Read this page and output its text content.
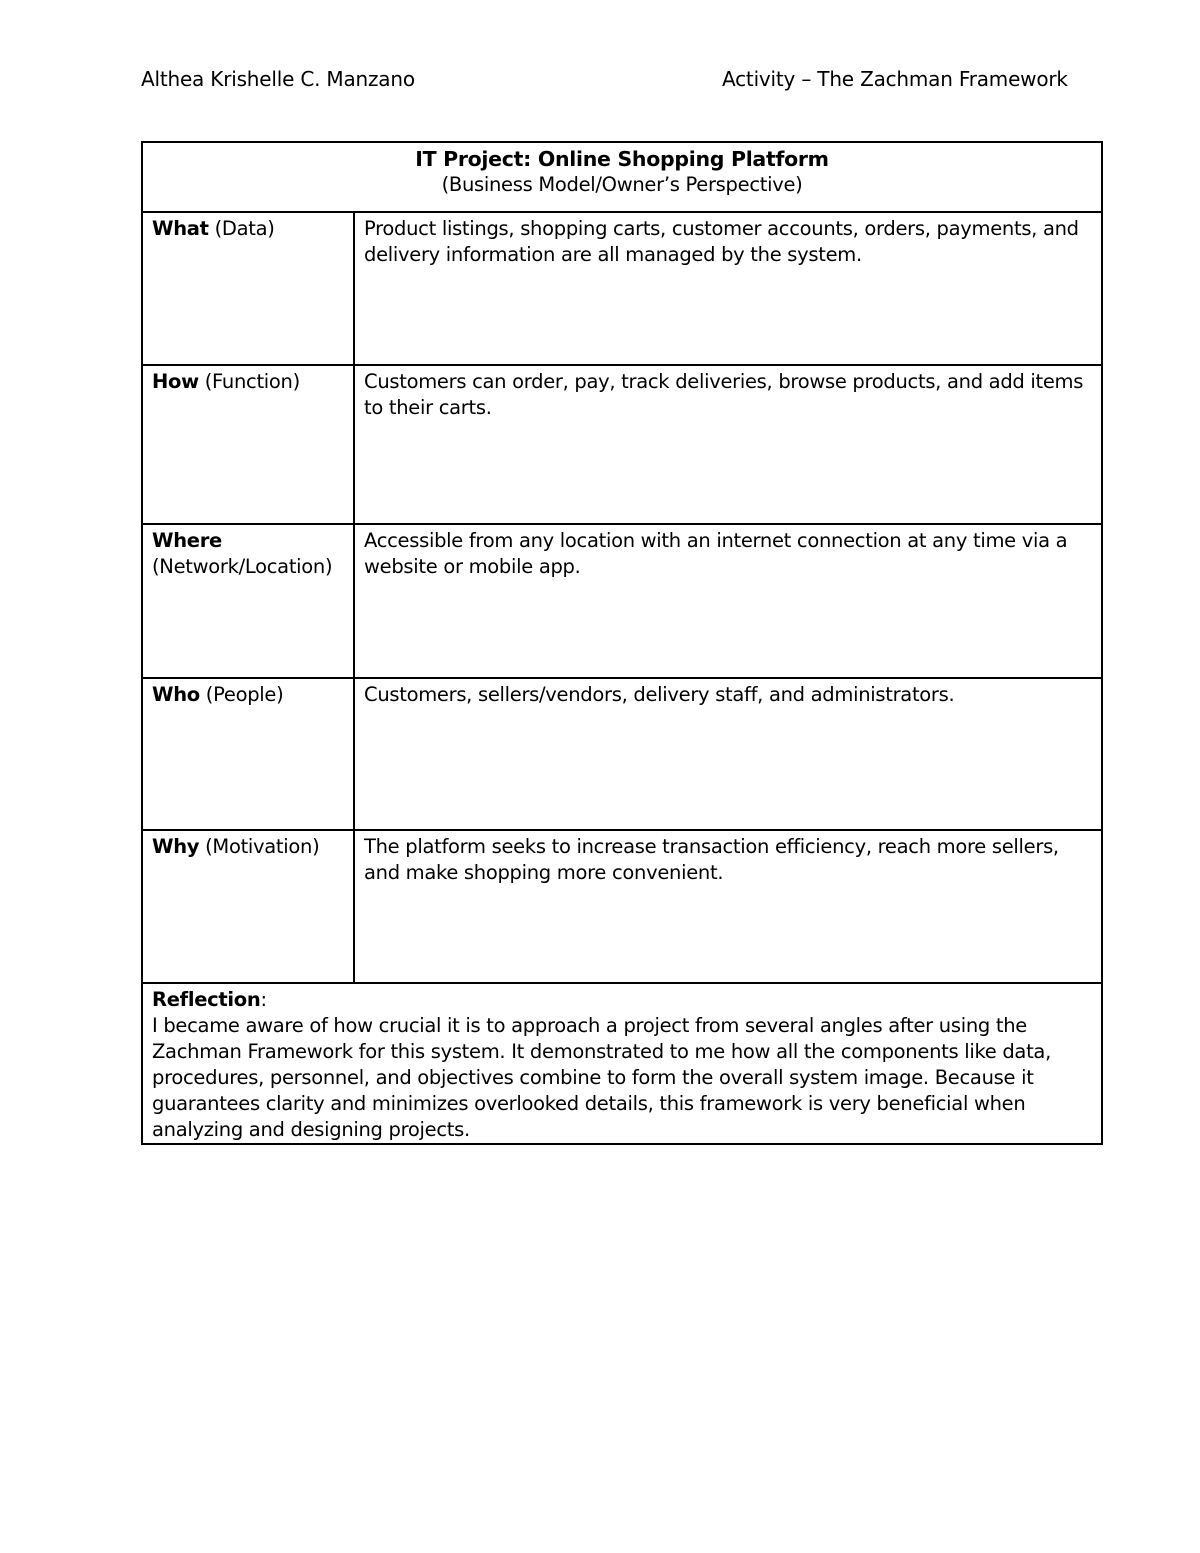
Althea Krishelle C. Manzano	Activity – The Zachman Framework
IT Project: Online Shopping Platform
(Business Model/Owner’s Perspective)	

What (Data)	Product listings, shopping carts, customer accounts, orders, payments, and delivery information are all managed by the system.
How (Function)	Customers can order, pay, track deliveries, browse products, and add items to their carts.

Where
(Network/Location)	Accessible from any location with an internet connection at any time via a website or mobile app.
Who (People)	Customers, sellers/vendors, delivery staff, and administrators.
Why (Motivation)	The platform seeks to increase transaction efficiency, reach more sellers, and make shopping more convenient.

Reflection:
I became aware of how crucial it is to approach a project from several angles after using the Zachman Framework for this system. It demonstrated to me how all the components like data, procedures, personnel, and objectives combine to form the overall system image. Because it guarantees clarity and minimizes overlooked details, this framework is very beneficial when analyzing and designing projects.	
